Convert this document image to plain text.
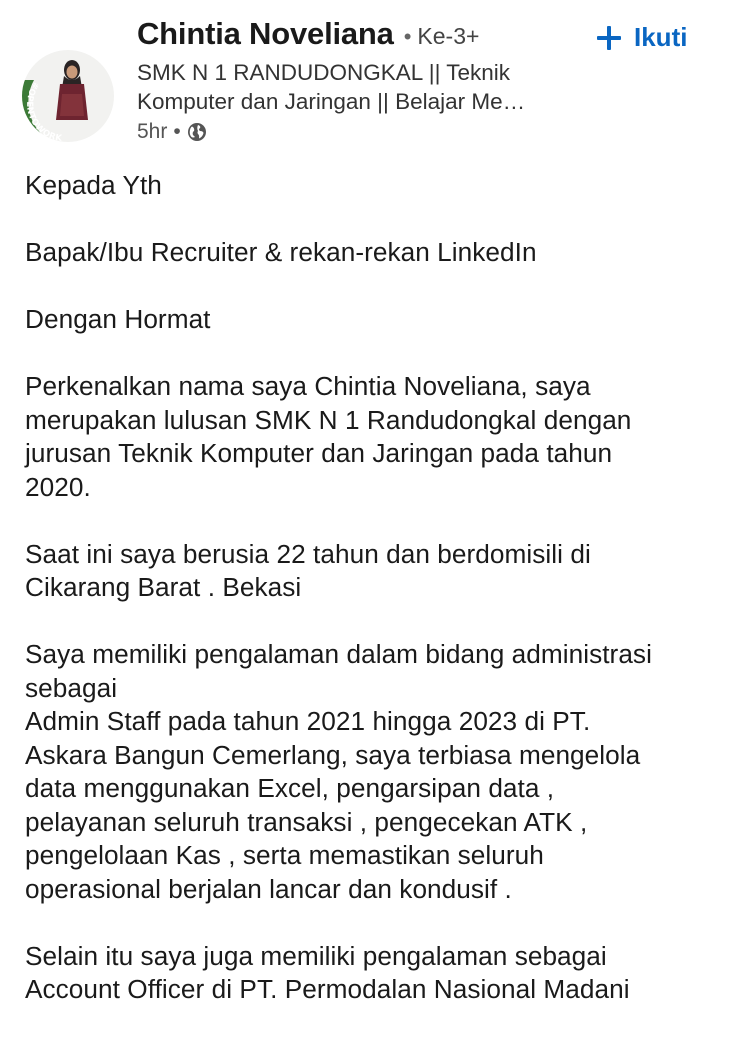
#OPENTOWORK
Chintia Noveliana • Ke-3+
SMK N 1 RANDUDONGKAL || Teknik Komputer dan Jaringan || Belajar Me…
5hr •
Ikuti

Kepada Yth

Bapak/Ibu Recruiter & rekan-rekan LinkedIn

Dengan Hormat

Perkenalkan nama saya Chintia Noveliana, saya
merupakan lulusan SMK N 1 Randudongkal dengan
jurusan Teknik Komputer dan Jaringan pada tahun
2020.

Saat ini saya berusia 22 tahun dan berdomisili di
Cikarang Barat . Bekasi

Saya memiliki pengalaman dalam bidang administrasi
sebagai
Admin Staff pada tahun 2021 hingga 2023 di PT.
Askara Bangun Cemerlang, saya terbiasa mengelola
data menggunakan Excel, pengarsipan data ,
pelayanan seluruh transaksi , pengecekan ATK ,
pengelolaan Kas , serta memastikan seluruh
operasional berjalan lancar dan kondusif .

Selain itu saya juga memiliki pengalaman sebagai
Account Officer di PT. Permodalan Nasional Madani
